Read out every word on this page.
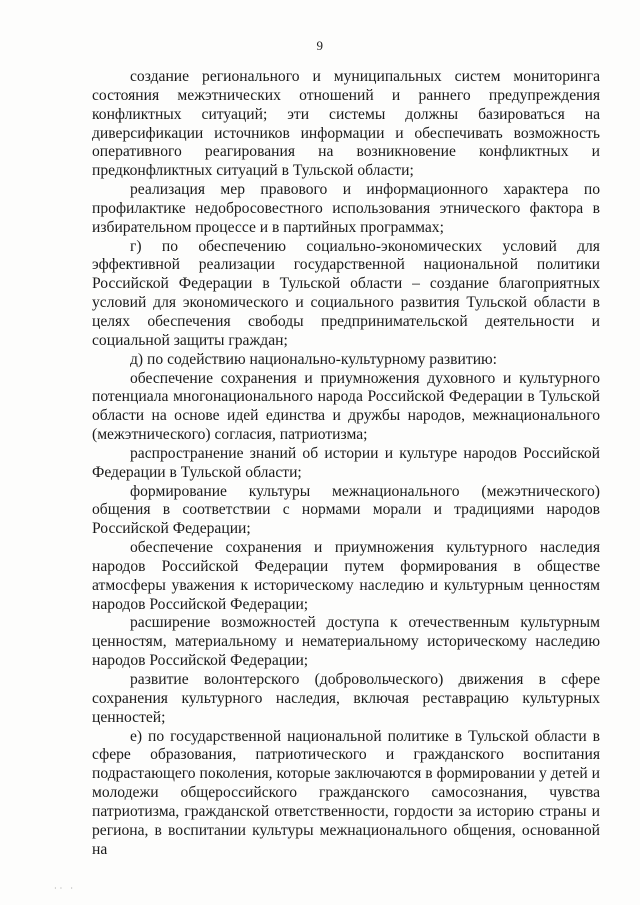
9

создание регионального и муниципальных систем мониторинга состояния межэтнических отношений и раннего предупреждения конфликтных ситуаций; эти системы должны базироваться на диверсификации источников информации и обеспечивать возможность оперативного реагирования на возникновение конфликтных и предконфликтных ситуаций в Тульской области;

реализация мер правового и информационного характера по профилактике недобросовестного использования этнического фактора в избирательном процессе и в партийных программах;

г) по обеспечению социально-экономических условий для эффективной реализации государственной национальной политики Российской Федерации в Тульской области – создание благоприятных условий для экономического и социального развития Тульской области в целях обеспечения свободы предпринимательской деятельности и социальной защиты граждан;

д) по содействию национально-культурному развитию:

обеспечение сохранения и приумножения духовного и культурного потенциала многонационального народа Российской Федерации в Тульской области на основе идей единства и дружбы народов, межнационального (межэтнического) согласия, патриотизма;

распространение знаний об истории и культуре народов Российской Федерации в Тульской области;

формирование культуры межнационального (межэтнического) общения в соответствии с нормами морали и традициями народов Российской Федерации;

обеспечение сохранения и приумножения культурного наследия народов Российской Федерации путем формирования в обществе атмосферы уважения к историческому наследию и культурным ценностям народов Российской Федерации;

расширение возможностей доступа к отечественным культурным ценностям, материальному и нематериальному историческому наследию народов Российской Федерации;

развитие волонтерского (добровольческого) движения в сфере сохранения культурного наследия, включая реставрацию культурных ценностей;

е) по государственной национальной политике в Тульской области в сфере образования, патриотического и гражданского воспитания подрастающего поколения, которые заключаются в формировании у детей и молодежи общероссийского гражданского самосознания, чувства патриотизма, гражданской ответственности, гордости за историю страны и региона, в воспитании культуры межнационального общения, основанной на

·· ·
